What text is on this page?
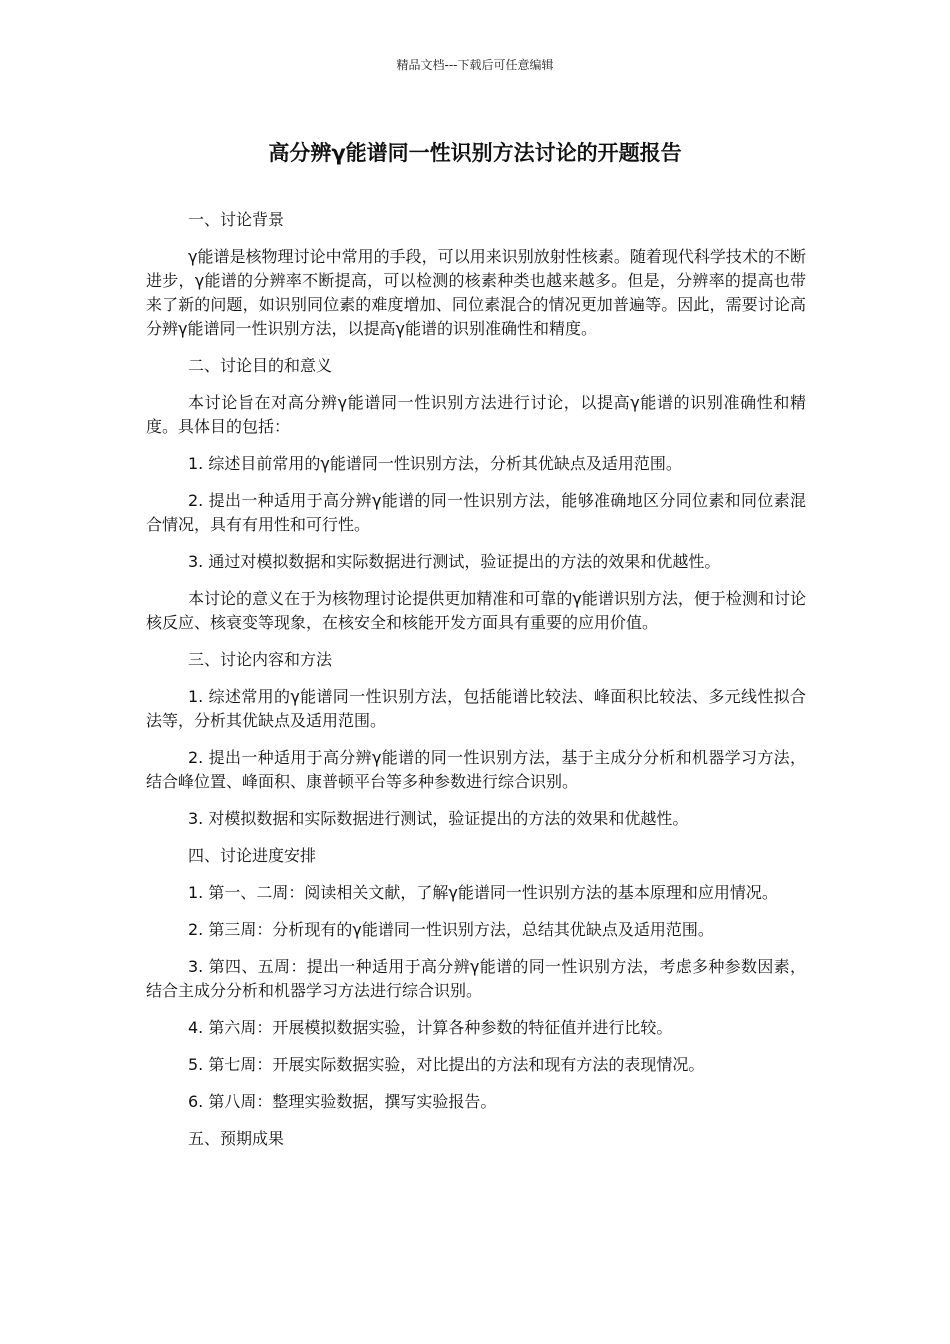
精品文档---下载后可任意编辑
高分辨γ能谱同一性识别方法讨论的开题报告

一、讨论背景

γ能谱是核物理讨论中常用的手段，可以用来识别放射性核素。随着现代科学技术的不断进步，γ能谱的分辨率不断提高，可以检测的核素种类也越来越多。但是，分辨率的提高也带来了新的问题，如识别同位素的难度增加、同位素混合的情况更加普遍等。因此，需要讨论高分辨γ能谱同一性识别方法，以提高γ能谱的识别准确性和精度。

二、讨论目的和意义

本讨论旨在对高分辨γ能谱同一性识别方法进行讨论，以提高γ能谱的识别准确性和精度。具体目的包括：

1. 综述目前常用的γ能谱同一性识别方法，分析其优缺点及适用范围。

2. 提出一种适用于高分辨γ能谱的同一性识别方法，能够准确地区分同位素和同位素混合情况，具有有用性和可行性。

3. 通过对模拟数据和实际数据进行测试，验证提出的方法的效果和优越性。

本讨论的意义在于为核物理讨论提供更加精准和可靠的γ能谱识别方法，便于检测和讨论核反应、核衰变等现象，在核安全和核能开发方面具有重要的应用价值。

三、讨论内容和方法

1. 综述常用的γ能谱同一性识别方法，包括能谱比较法、峰面积比较法、多元线性拟合法等，分析其优缺点及适用范围。

2. 提出一种适用于高分辨γ能谱的同一性识别方法，基于主成分分析和机器学习方法，结合峰位置、峰面积、康普顿平台等多种参数进行综合识别。

3. 对模拟数据和实际数据进行测试，验证提出的方法的效果和优越性。

四、讨论进度安排

1. 第一、二周：阅读相关文献，了解γ能谱同一性识别方法的基本原理和应用情况。

2. 第三周：分析现有的γ能谱同一性识别方法，总结其优缺点及适用范围。

3. 第四、五周：提出一种适用于高分辨γ能谱的同一性识别方法，考虑多种参数因素，结合主成分分析和机器学习方法进行综合识别。

4. 第六周：开展模拟数据实验，计算各种参数的特征值并进行比较。

5. 第七周：开展实际数据实验，对比提出的方法和现有方法的表现情况。

6. 第八周：整理实验数据，撰写实验报告。

五、预期成果
